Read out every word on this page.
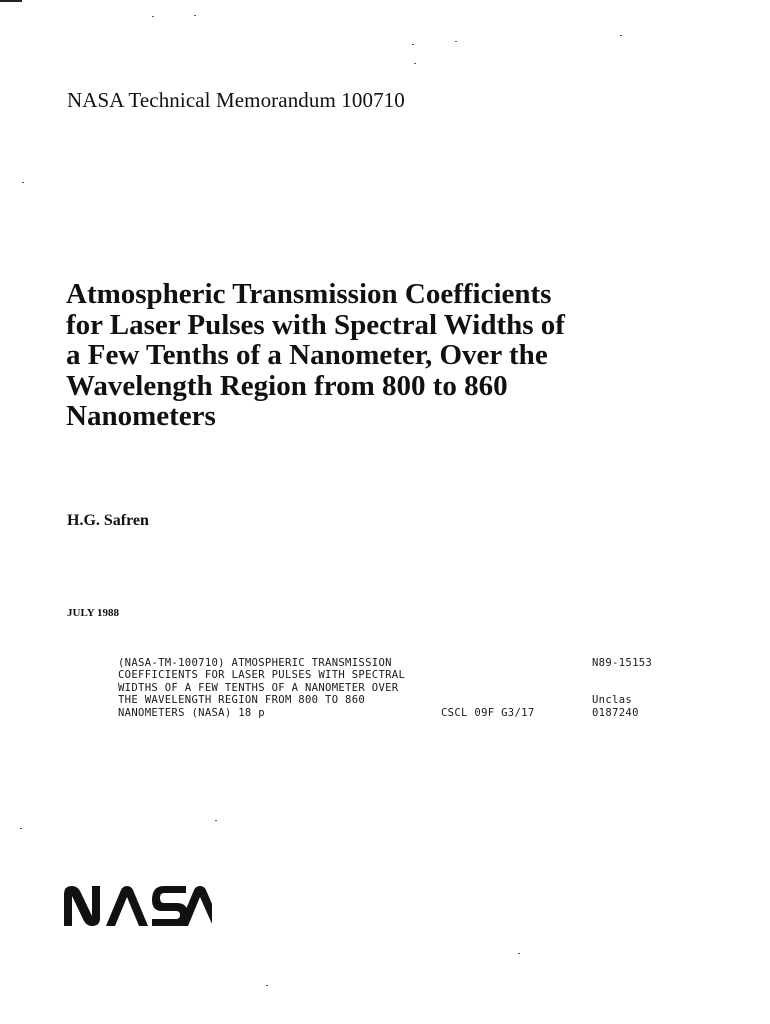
NASA Technical Memorandum 100710
Atmospheric Transmission Coefficients
for Laser Pulses with Spectral Widths of
a Few Tenths of a Nanometer, Over the
Wavelength Region from 800 to 860
Nanometers
H.G. Safren
JULY 1988
(NASA-TM-100710) ATMOSPHERIC TRANSMISSION	N89-15153
COEFFICIENTS FOR LASER PULSES WITH SPECTRAL
WIDTHS OF A FEW TENTHS OF A NANOMETER OVER
THE WAVELENGTH REGION FROM 800 TO 860	Unclas
NANOMETERS (NASA) 18 p	CSCL 09F G3/17	0187240
